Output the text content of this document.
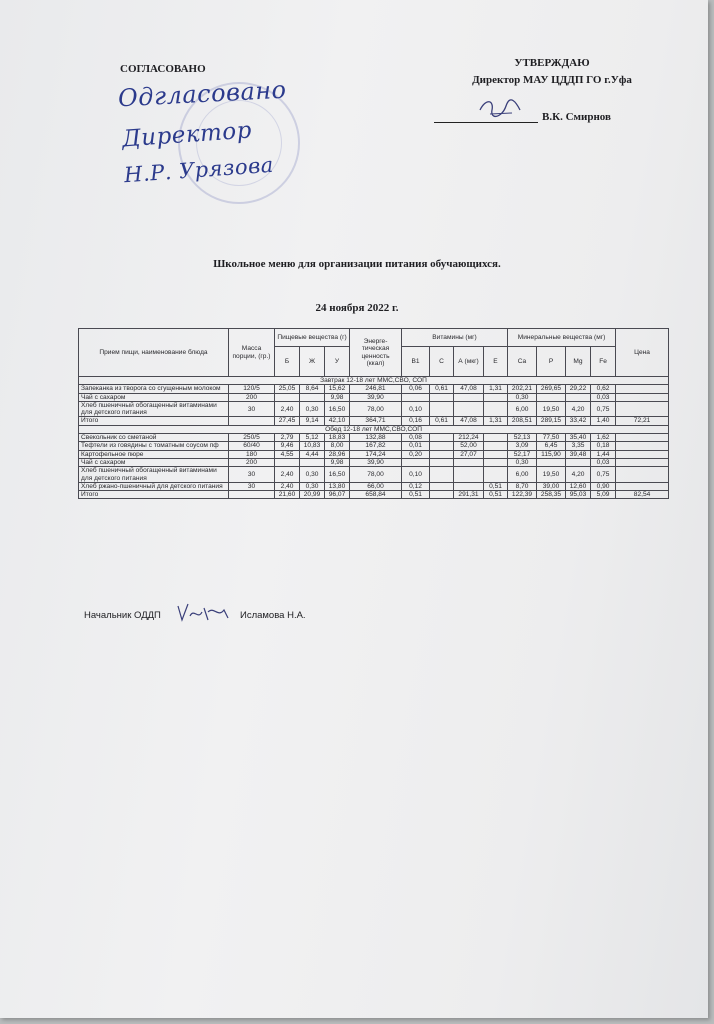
СОГЛАСОВАНО
Одгласовано
Директор
Н.Р. Урязова
УТВЕРЖДАЮ
Директор МАУ ЦДДП ГО г.Уфа
В.К. Смирнов
Школьное меню для организации питания обучающихся.
24 ноября 2022 г.
Прием пищи, наименование блюда	Масса порции, (гр.)	Пищевые вещества (г)			Энерге-тическая ценность (ккал)	Витамины (мг)				Минеральные вещества (мг)				Цена
		Б	Ж	У		B1	C	А (мкг)	E	Ca	P	Mg	Fe	
Завтрак 12-18 лет ММС,СВО, СОП														
Запеканка из творога со сгущенным молоком	120/5	25,05	8,64	15,62	246,81	0,06	0,61	47,08	1,31	202,21	269,65	29,22	0,62	
Чай с сахаром	200			9,98	39,90					0,30			0,03	
Хлеб пшеничный обогащенный витаминами для детского питания	30	2,40	0,30	16,50	78,00	0,10				6,00	19,50	4,20	0,75	
Итого		27,45	9,14	42,10	364,71	0,16	0,61	47,08	1,31	208,51	289,15	33,42	1,40	72,21
Обед 12-18 лет ММС,СВО,СОП														
Свекольник со сметаной	250/5	2,79	5,12	18,83	132,88	0,08		212,24		52,13	77,50	35,40	1,62	
Тефтели из говядины с томатным соусом пф	60/40	9,46	10,83	8,00	167,82	0,01		52,00		3,09	6,45	3,35	0,18	
Картофельное пюре	180	4,55	4,44	28,96	174,24	0,20		27,07		52,17	115,90	39,48	1,44	
Чай с сахаром	200			9,98	39,90					0,30			0,03	
Хлеб пшеничный обогащенный витаминами для детского питания	30	2,40	0,30	16,50	78,00	0,10				6,00	19,50	4,20	0,75	
Хлеб ржано-пшеничный для детского питания	30	2,40	0,30	13,80	66,00	0,12			0,51	8,70	39,00	12,60	0,90	
Итого		21,60	20,99	96,07	658,84	0,51		291,31	0,51	122,39	258,35	95,03	5,09	82,54
Начальник ОДДП	Исламова Н.А.
